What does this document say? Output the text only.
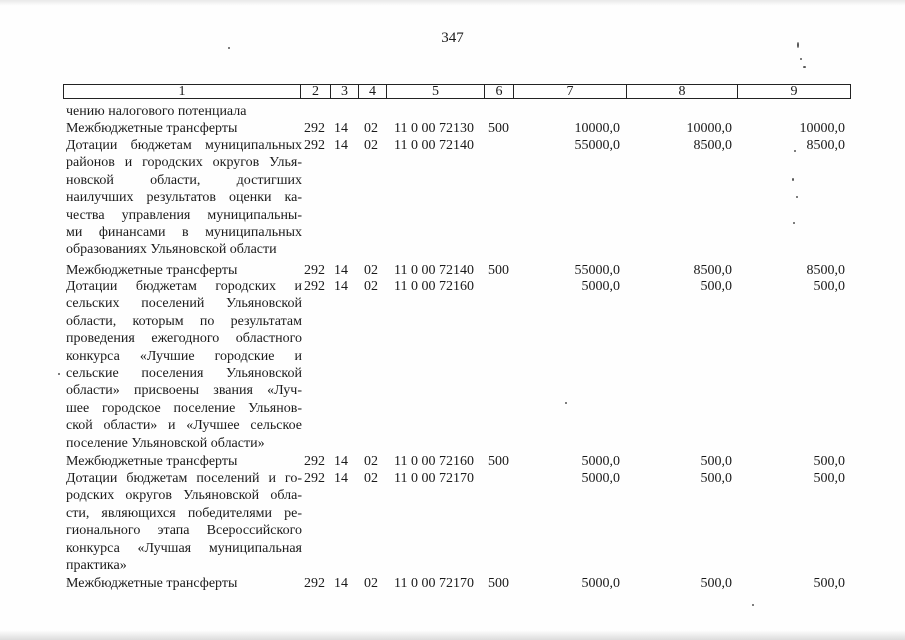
347
1	2	3	4	5	6	7	8	9
чению налогового потенциала
Межбюджетные трансферты	292 14 02 11 0 00 72130 500	10000,0	10000,0	10000,0
Дотации бюджетам муниципальных
районов и городских округов Улья-
новской области, достигших
наилучших результатов оценки ка-
чества управления муниципальны-
ми финансами в муниципальных
образованиях Ульяновской области
292 14 02 11 0 00 72140	55000,0	8500,0	8500,0
Межбюджетные трансферты	292 14 02 11 0 00 72140 500	55000,0	8500,0	8500,0
Дотации бюджетам городских и
сельских поселений Ульяновской
области, которым по результатам
проведения ежегодного областного
конкурса «Лучшие городские и
сельские поселения Ульяновской
области» присвоены звания «Луч-
шее городское поселение Ульянов-
ской области» и «Лучшее сельское
поселение Ульяновской области»
292 14 02 11 0 00 72160	5000,0	500,0	500,0
Межбюджетные трансферты	292 14 02 11 0 00 72160 500	5000,0	500,0	500,0
Дотации бюджетам поселений и го-
родских округов Ульяновской обла-
сти, являющихся победителями ре-
гионального этапа Всероссийского
конкурса «Лучшая муниципальная
практика»
292 14 02 11 0 00 72170	5000,0	500,0	500,0
Межбюджетные трансферты	292 14 02 11 0 00 72170 500	5000,0	500,0	500,0
